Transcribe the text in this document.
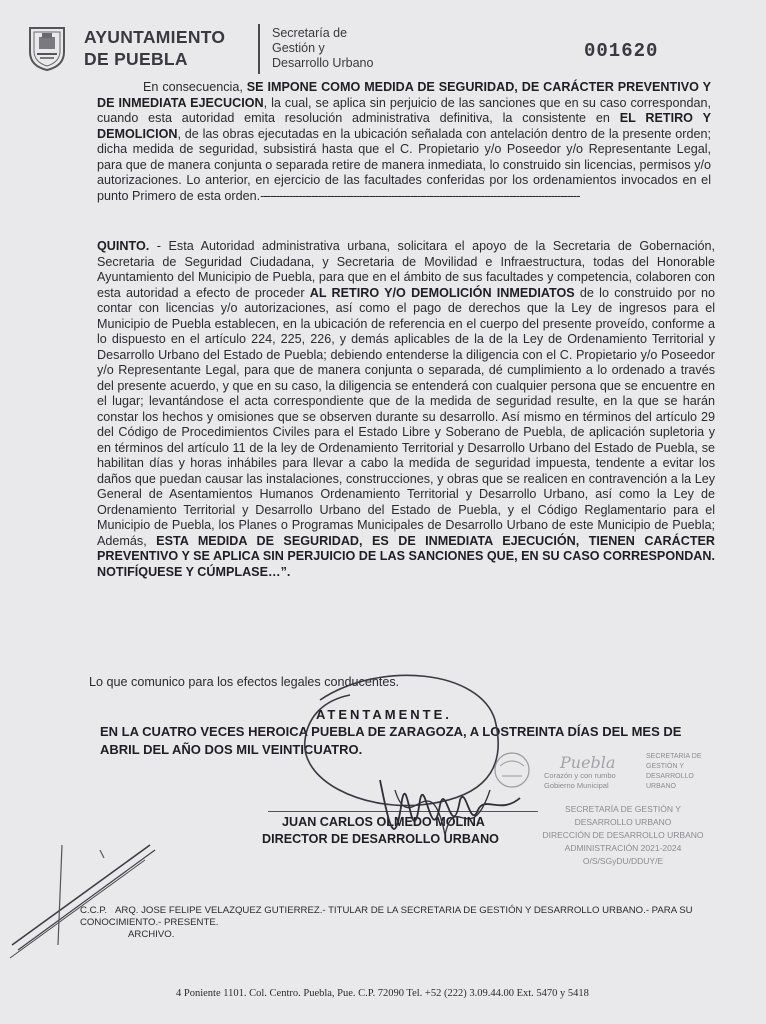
AYUNTAMIENTO
DE PUEBLA
Secretaría de
Gestión y
Desarrollo Urbano
001620
En consecuencia, SE IMPONE COMO MEDIDA DE SEGURIDAD, DE CARÁCTER PREVENTIVO Y DE INMEDIATA EJECUCION, la cual, se aplica sin perjuicio de las sanciones que en su caso correspondan, cuando esta autoridad emita resolución administrativa definitiva, la consistente en EL RETIRO Y DEMOLICION, de las obras ejecutadas en la ubicación señalada con antelación dentro de la presente orden; dicha medida de seguridad, subsistirá hasta que el C. Propietario y/o Poseedor y/o Representante Legal, para que de manera conjunta o separada retire de manera inmediata, lo construido sin licencias, permisos y/o autorizaciones. Lo anterior, en ejercicio de las facultades conferidas por los ordenamientos invocados en el punto Primero de esta orden.----------------------------------------------------------------------------------------------------
QUINTO. - Esta Autoridad administrativa urbana, solicitara el apoyo de la Secretaria de Gobernación, Secretaria de Seguridad Ciudadana, y Secretaria de Movilidad e Infraestructura, todas del Honorable Ayuntamiento del Municipio de Puebla, para que en el ámbito de sus facultades y competencia, colaboren con esta autoridad a efecto de proceder AL RETIRO Y/O DEMOLICIÓN INMEDIATOS de lo construido por no contar con licencias y/o autorizaciones, así como el pago de derechos que la Ley de ingresos para el Municipio de Puebla establecen, en la ubicación de referencia en el cuerpo del presente proveído, conforme a lo dispuesto en el artículo 224, 225, 226, y demás aplicables de la de la Ley de Ordenamiento Territorial y Desarrollo Urbano del Estado de Puebla; debiendo entenderse la diligencia con el C. Propietario y/o Poseedor y/o Representante Legal, para que de manera conjunta o separada, dé cumplimiento a lo ordenado a través del presente acuerdo, y que en su caso, la diligencia se entenderá con cualquier persona que se encuentre en el lugar; levantándose el acta correspondiente que de la medida de seguridad resulte, en la que se harán constar los hechos y omisiones que se observen durante su desarrollo. Así mismo en términos del artículo 29 del Código de Procedimientos Civiles para el Estado Libre y Soberano de Puebla, de aplicación supletoria y en términos del artículo 11 de la ley de Ordenamiento Territorial y Desarrollo Urbano del Estado de Puebla, se habilitan días y horas inhábiles para llevar a cabo la medida de seguridad impuesta, tendente a evitar los daños que puedan causar las instalaciones, construcciones, y obras que se realicen en contravención a la Ley General de Asentamientos Humanos Ordenamiento Territorial y Desarrollo Urbano, así como la Ley de Ordenamiento Territorial y Desarrollo Urbano del Estado de Puebla, y el Código Reglamentario para el Municipio de Puebla, los Planes o Programas Municipales de Desarrollo Urbano de este Municipio de Puebla; Además, ESTA MEDIDA DE SEGURIDAD, ES DE INMEDIATA EJECUCIÓN, TIENEN CARÁCTER PREVENTIVO Y SE APLICA SIN PERJUICIO DE LAS SANCIONES QUE, EN SU CASO CORRESPONDAN. NOTIFÍQUESE Y CÚMPLASE…”.
Lo que comunico para los efectos legales conducentes.
ATENTAMENTE.
EN LA CUATRO VECES HEROICA PUEBLA DE ZARAGOZA, A LOSTREINTA DÍAS DEL MES DE ABRIL DEL AÑO DOS MIL VEINTICUATRO.
JUAN CARLOS OLMEDO MOLINA
DIRECTOR DE DESARROLLO URBANO
SECRETARIA DE
GESTIÓN Y
DESARROLLO
URBANO
Corazón y con rumbo
Gobierno Municipal
SECRETARÍA DE GESTIÓN Y
DESARROLLO URBANO
DIRECCIÓN DE DESARROLLO URBANO
ADMINISTRACIÓN 2021-2024
O/S/SGyDU/DDUY/E
Puebla
C.C.P. ARQ. JOSE FELIPE VELAZQUEZ GUTIERREZ.- TITULAR DE LA SECRETARIA DE GESTIÓN Y DESARROLLO URBANO.- PARA SU CONOCIMIENTO.- PRESENTE.
ARCHIVO.
4 Poniente 1101. Col. Centro. Puebla, Pue. C.P. 72090 Tel. +52 (222) 3.09.44.00 Ext. 5470 y 5418
